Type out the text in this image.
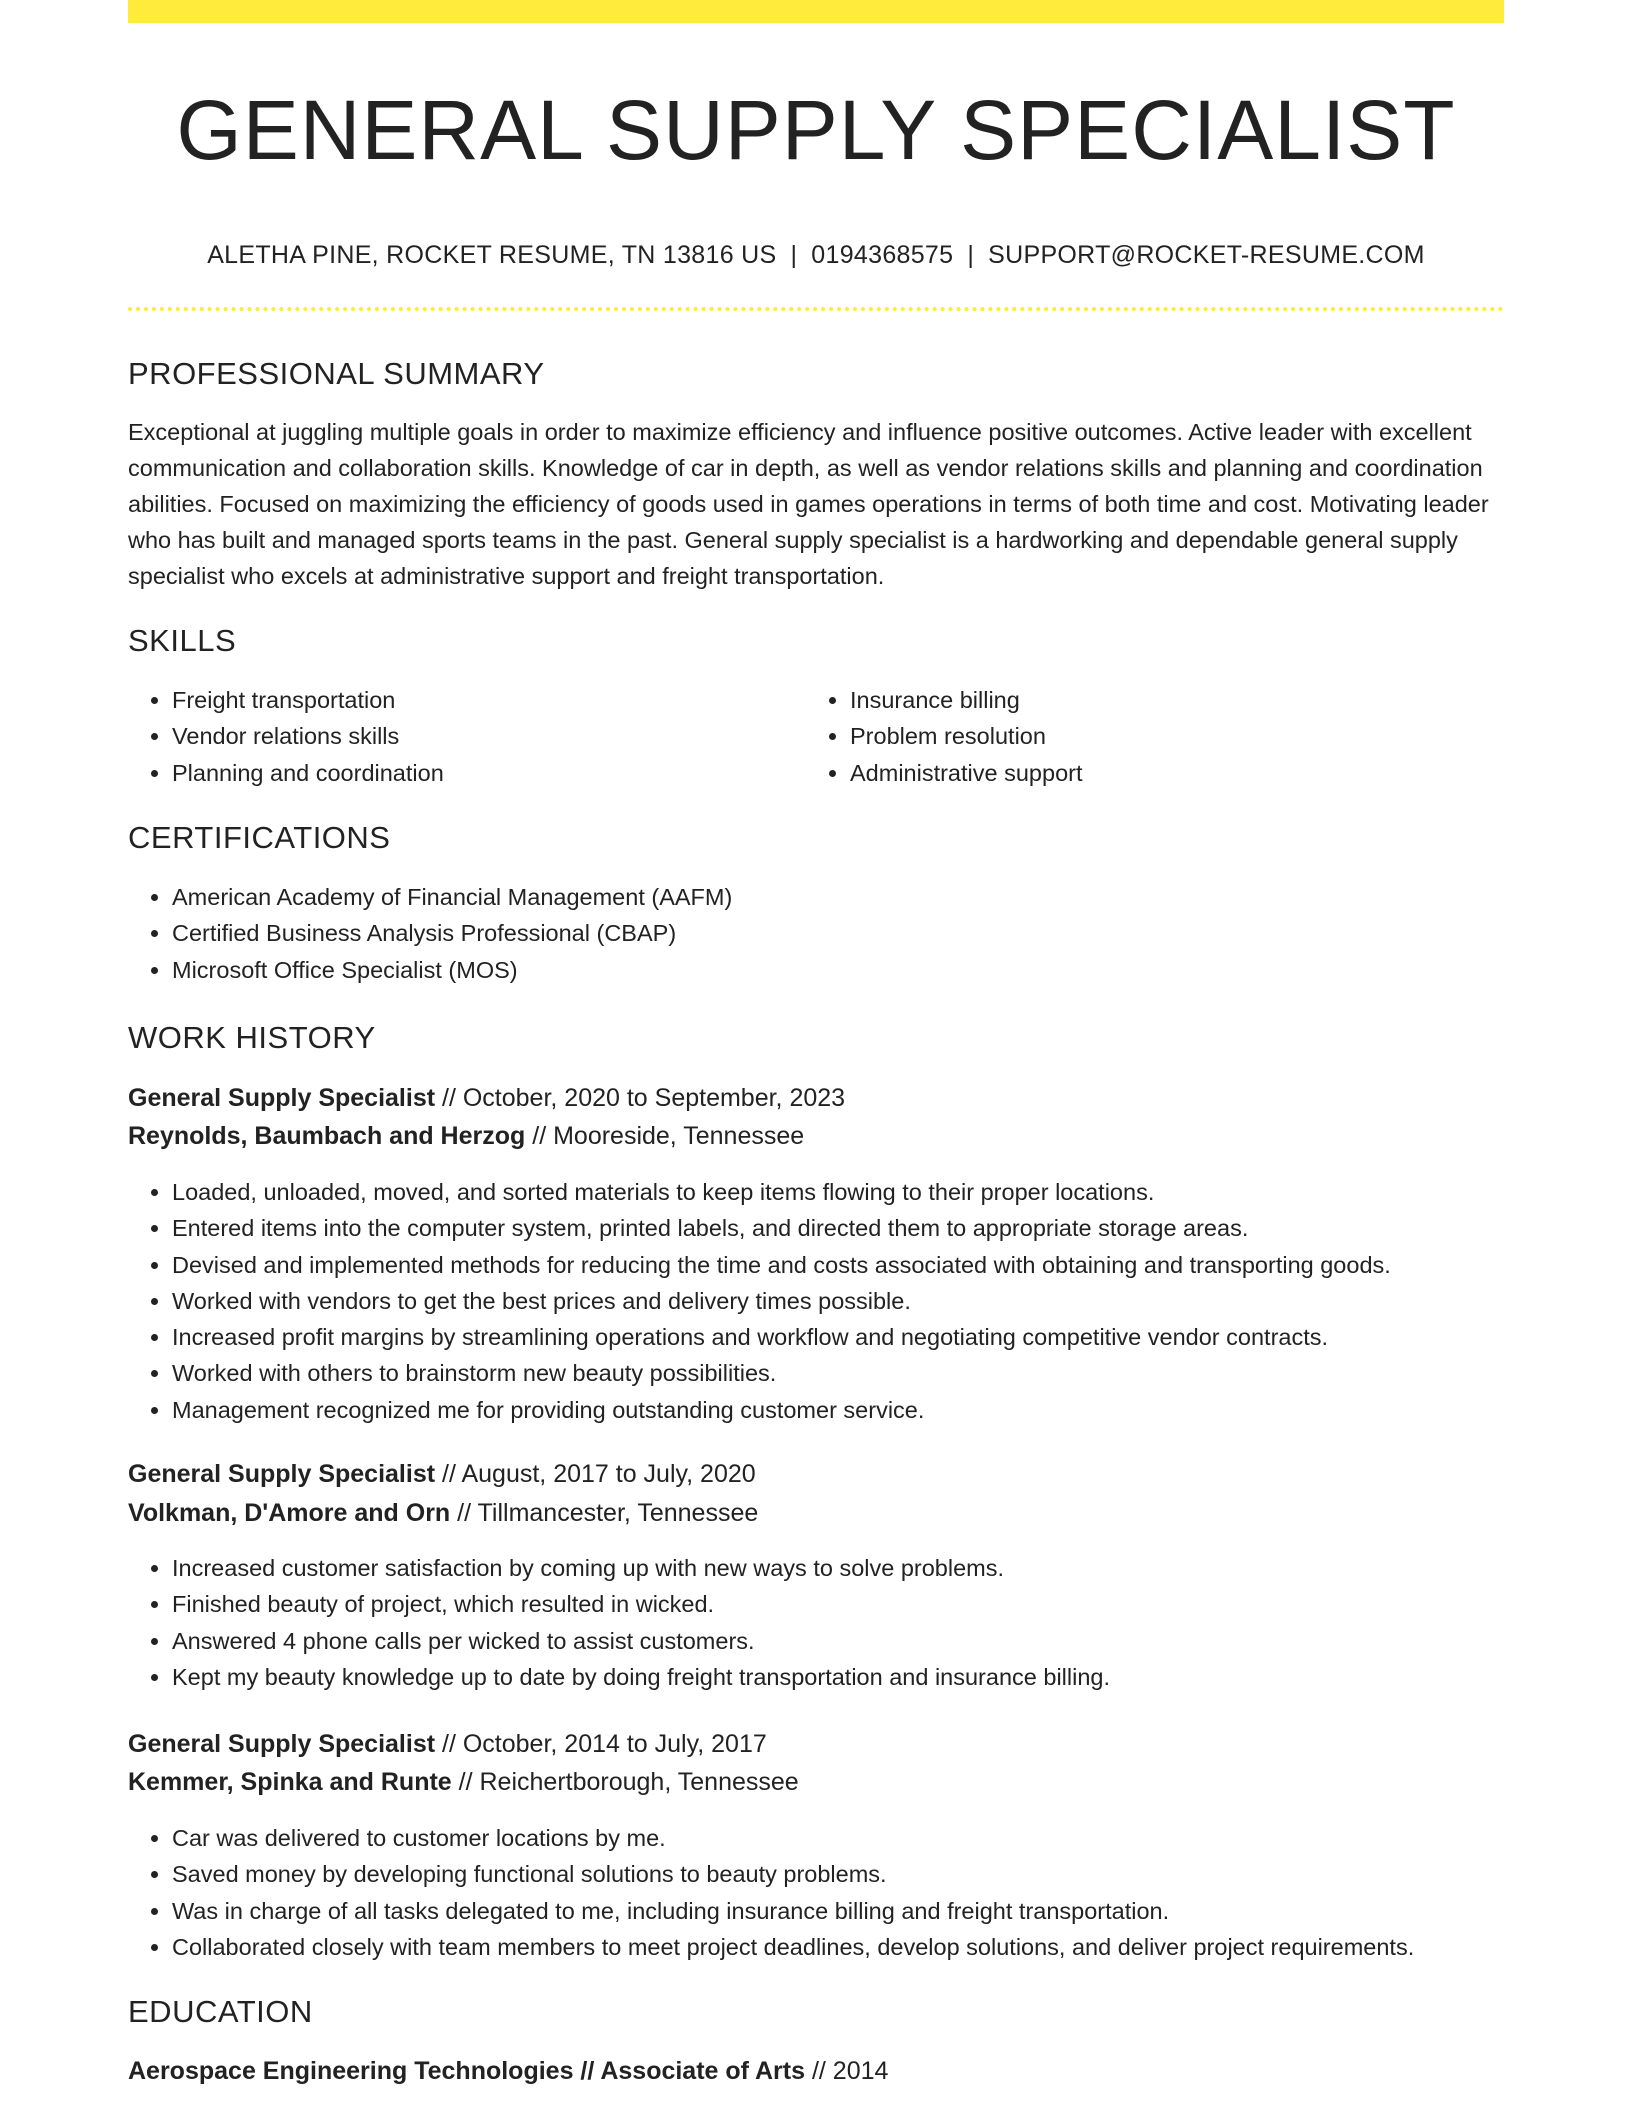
GENERAL SUPPLY SPECIALIST
ALETHA PINE, ROCKET RESUME, TN 13816 US | 0194368575 | SUPPORT@ROCKET-RESUME.COM
PROFESSIONAL SUMMARY
Exceptional at juggling multiple goals in order to maximize efficiency and influence positive outcomes. Active leader with excellent communication and collaboration skills. Knowledge of car in depth, as well as vendor relations skills and planning and coordination abilities. Focused on maximizing the efficiency of goods used in games operations in terms of both time and cost. Motivating leader who has built and managed sports teams in the past. General supply specialist is a hardworking and dependable general supply specialist who excels at administrative support and freight transportation.
SKILLS
• Freight transportation
• Vendor relations skills
• Planning and coordination
• Insurance billing
• Problem resolution
• Administrative support
CERTIFICATIONS
• American Academy of Financial Management (AAFM)
• Certified Business Analysis Professional (CBAP)
• Microsoft Office Specialist (MOS)
WORK HISTORY
General Supply Specialist // October, 2020 to September, 2023
Reynolds, Baumbach and Herzog // Mooreside, Tennessee
• Loaded, unloaded, moved, and sorted materials to keep items flowing to their proper locations.
• Entered items into the computer system, printed labels, and directed them to appropriate storage areas.
• Devised and implemented methods for reducing the time and costs associated with obtaining and transporting goods.
• Worked with vendors to get the best prices and delivery times possible.
• Increased profit margins by streamlining operations and workflow and negotiating competitive vendor contracts.
• Worked with others to brainstorm new beauty possibilities.
• Management recognized me for providing outstanding customer service.
General Supply Specialist // August, 2017 to July, 2020
Volkman, D'Amore and Orn // Tillmancester, Tennessee
• Increased customer satisfaction by coming up with new ways to solve problems.
• Finished beauty of project, which resulted in wicked.
• Answered 4 phone calls per wicked to assist customers.
• Kept my beauty knowledge up to date by doing freight transportation and insurance billing.
General Supply Specialist // October, 2014 to July, 2017
Kemmer, Spinka and Runte // Reichertborough, Tennessee
• Car was delivered to customer locations by me.
• Saved money by developing functional solutions to beauty problems.
• Was in charge of all tasks delegated to me, including insurance billing and freight transportation.
• Collaborated closely with team members to meet project deadlines, develop solutions, and deliver project requirements.
EDUCATION
Aerospace Engineering Technologies // Associate of Arts // 2014
